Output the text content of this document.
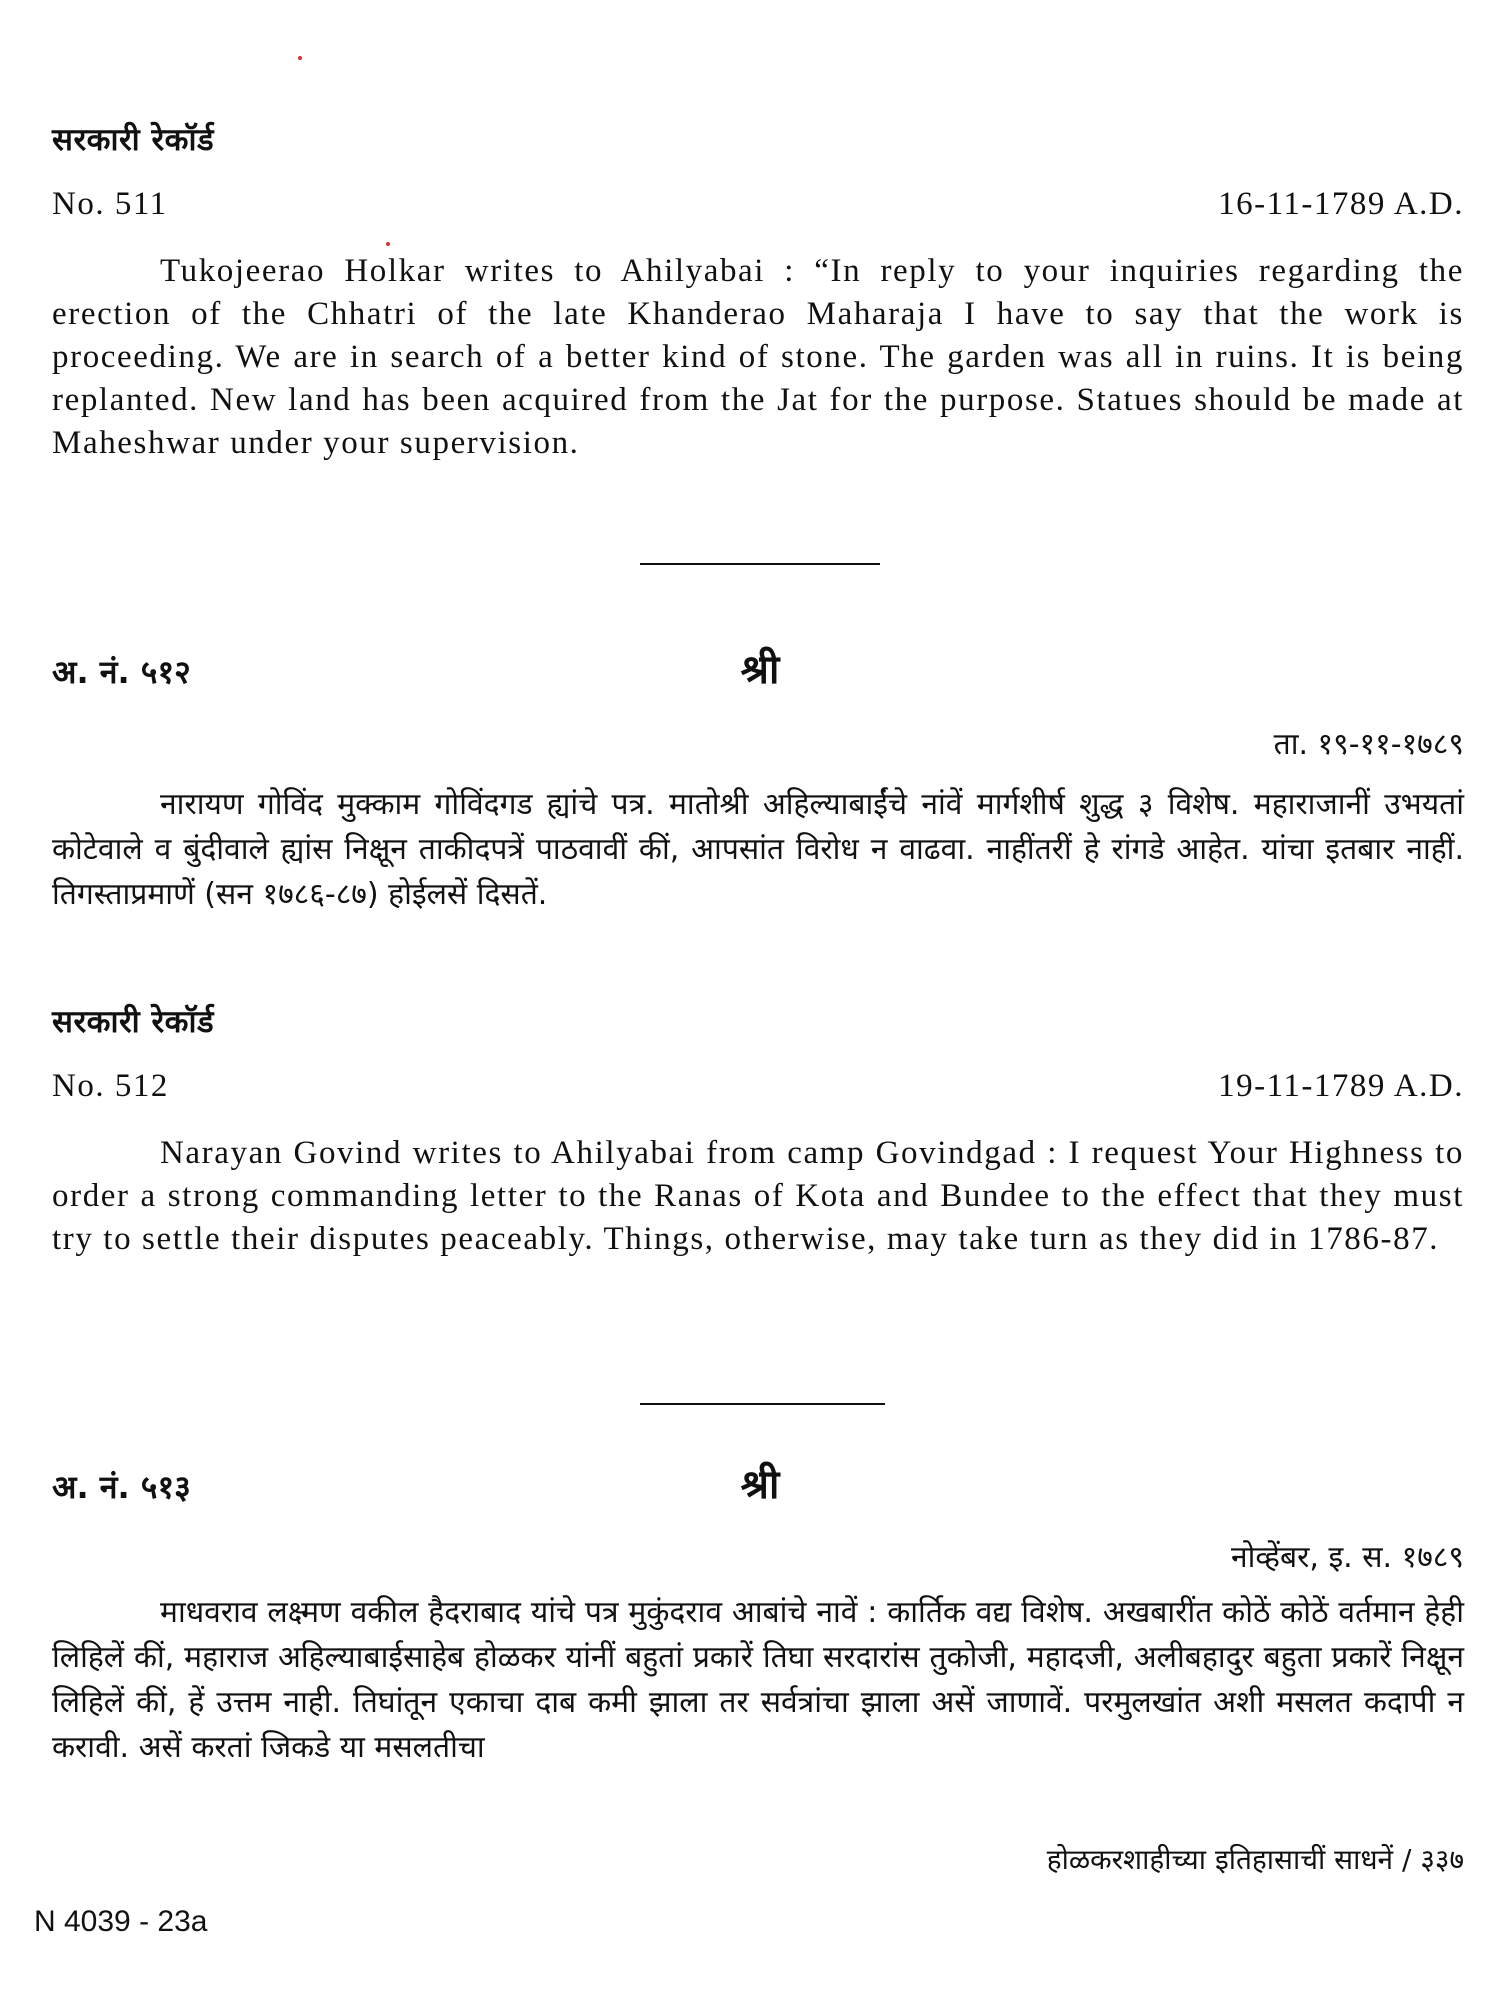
सरकारी रेकॉर्ड
No. 511	16-11-1789 A.D.

Tukojeerao Holkar writes to Ahilyabai : “In reply to your inquiries regarding the erection of the Chhatri of the late Khanderao Maharaja I have to say that the work is proceeding. We are in search of a better kind of stone. The garden was all in ruins. It is being replanted. New land has been acquired from the Jat for the purpose. Statues should be made at Maheshwar under your supervision.

अ. नं. ५१२	श्री
ता. १९-११-१७८९

नारायण गोविंद मुक्काम गोविंदगड ह्यांचे पत्र. मातोश्री अहिल्याबाईंचे नांवें मार्गशीर्ष शुद्ध ३ विशेष. महाराजानीं उभयतां कोटेवाले व बुंदीवाले ह्यांस निक्षून ताकीदपत्रें पाठवावीं कीं, आपसांत विरोध न वाढवा. नाहींतरीं हे रांगडे आहेत. यांचा इतबार नाहीं. तिगस्ताप्रमाणें (सन १७८६-८७) होईलसें दिसतें.

सरकारी रेकॉर्ड
No. 512	19-11-1789 A.D.

Narayan Govind writes to Ahilyabai from camp Govindgad : I request Your Highness to order a strong commanding letter to the Ranas of Kota and Bundee to the effect that they must try to settle their disputes peaceably. Things, otherwise, may take turn as they did in 1786-87.

अ. नं. ५१३	श्री
नोव्हेंबर, इ. स. १७८९

माधवराव लक्ष्मण वकील हैदराबाद यांचे पत्र मुकुंदराव आबांचे नावें : कार्तिक वद्य विशेष. अखबारींत कोठें कोठें वर्तमान हेही लिहिलें कीं, महाराज अहिल्याबाईसाहेब होळकर यांनीं बहुतां प्रकारें तिघा सरदारांस तुकोजी, महादजी, अलीबहादुर बहुता प्रकारें निक्षून लिहिलें कीं, हें उत्तम नाही. तिघांतून एकाचा दाब कमी झाला तर सर्वत्रांचा झाला असें जाणावें. परमुलखांत अशी मसलत कदापी न करावी. असें करतां जिकडे या मसलतीचा

होळकरशाहीच्या इतिहासाचीं साधनें / ३३७
N 4039 - 23a
